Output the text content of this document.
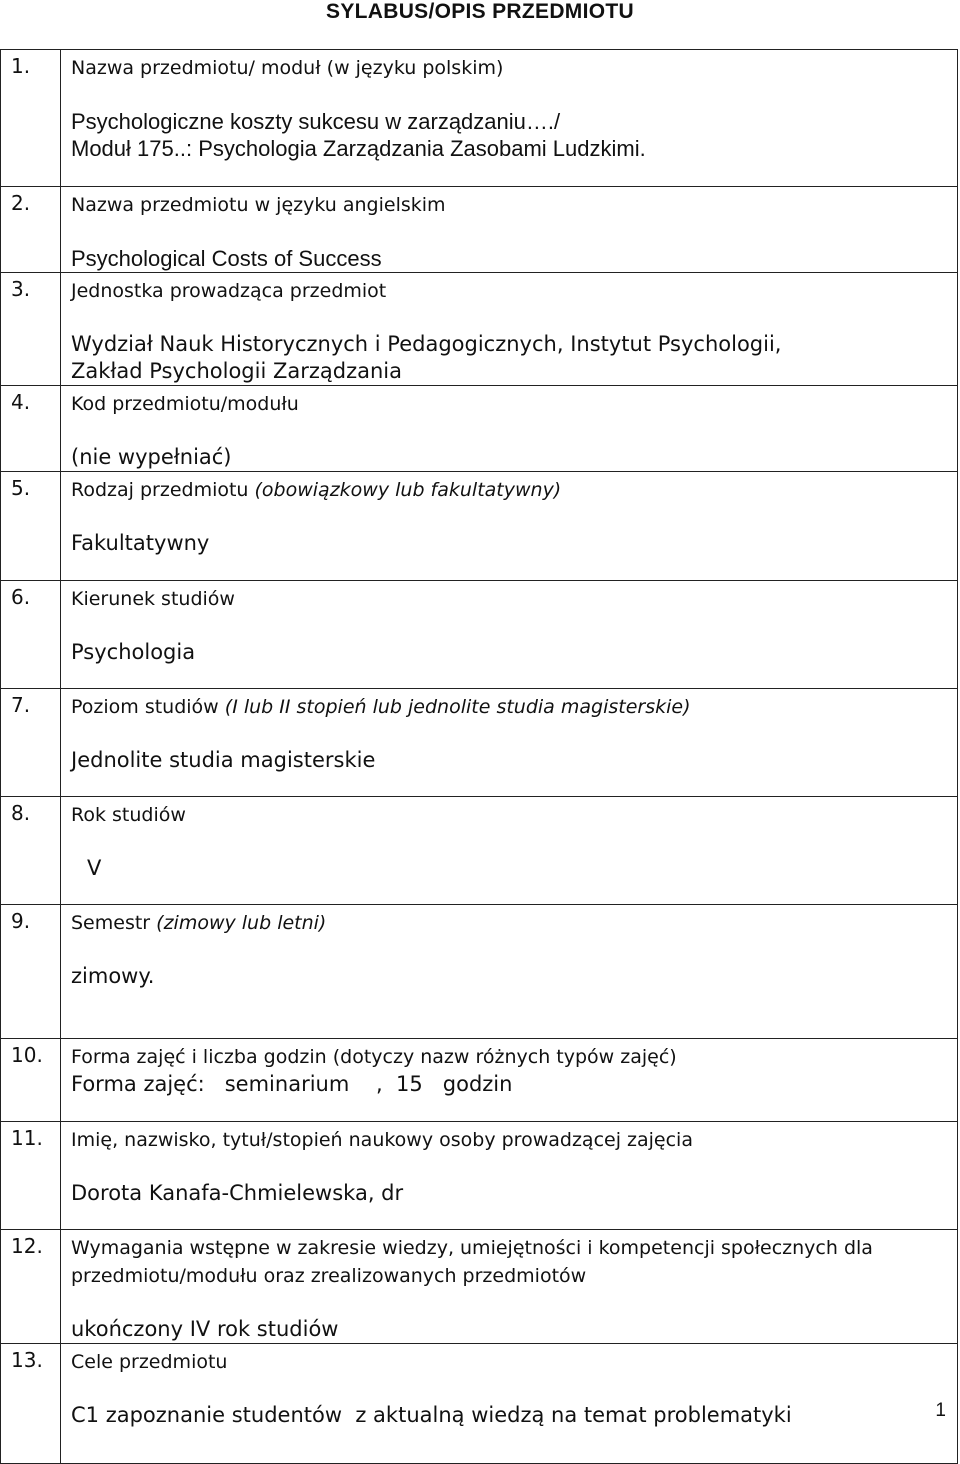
SYLABUS/OPIS PRZEDMIOTU
1.	Nazwa przedmiotu/ moduł (w języku polskim)
Psychologiczne koszty sukcesu w zarządzaniu…./
Moduł 175..: Psychologia Zarządzania Zasobami Ludzkimi.

2.	Nazwa przedmiotu w języku angielskim
Psychological Costs of Success

3.	Jednostka prowadząca przedmiot
Wydział Nauk Historycznych i Pedagogicznych, Instytut Psychologii,
Zakład Psychologii Zarządzania

4.	Kod przedmiotu/modułu
(nie wypełniać)

5.	Rodzaj przedmiotu (obowiązkowy lub fakultatywny)
Fakultatywny

6.	Kierunek studiów
Psychologia

7.	Poziom studiów (I lub II stopień lub jednolite studia magisterskie)
Jednolite studia magisterskie

8.	Rok studiów
V

9.	Semestr (zimowy lub letni)
zimowy.

10.	Forma zajęć i liczba godzin (dotyczy nazw różnych typów zajęć)
Forma zajęć:   seminarium    ,  15   godzin

11.	Imię, nazwisko, tytuł/stopień naukowy osoby prowadzącej zajęcia
Dorota Kanafa-Chmielewska, dr

12.	Wymagania wstępne w zakresie wiedzy, umiejętności i kompetencji społecznych dla
przedmiotu/modułu oraz zrealizowanych przedmiotów
ukończony IV rok studiów

13.	Cele przedmiotu
C1 zapoznanie studentów  z aktualną wiedzą na temat problematyki	1
